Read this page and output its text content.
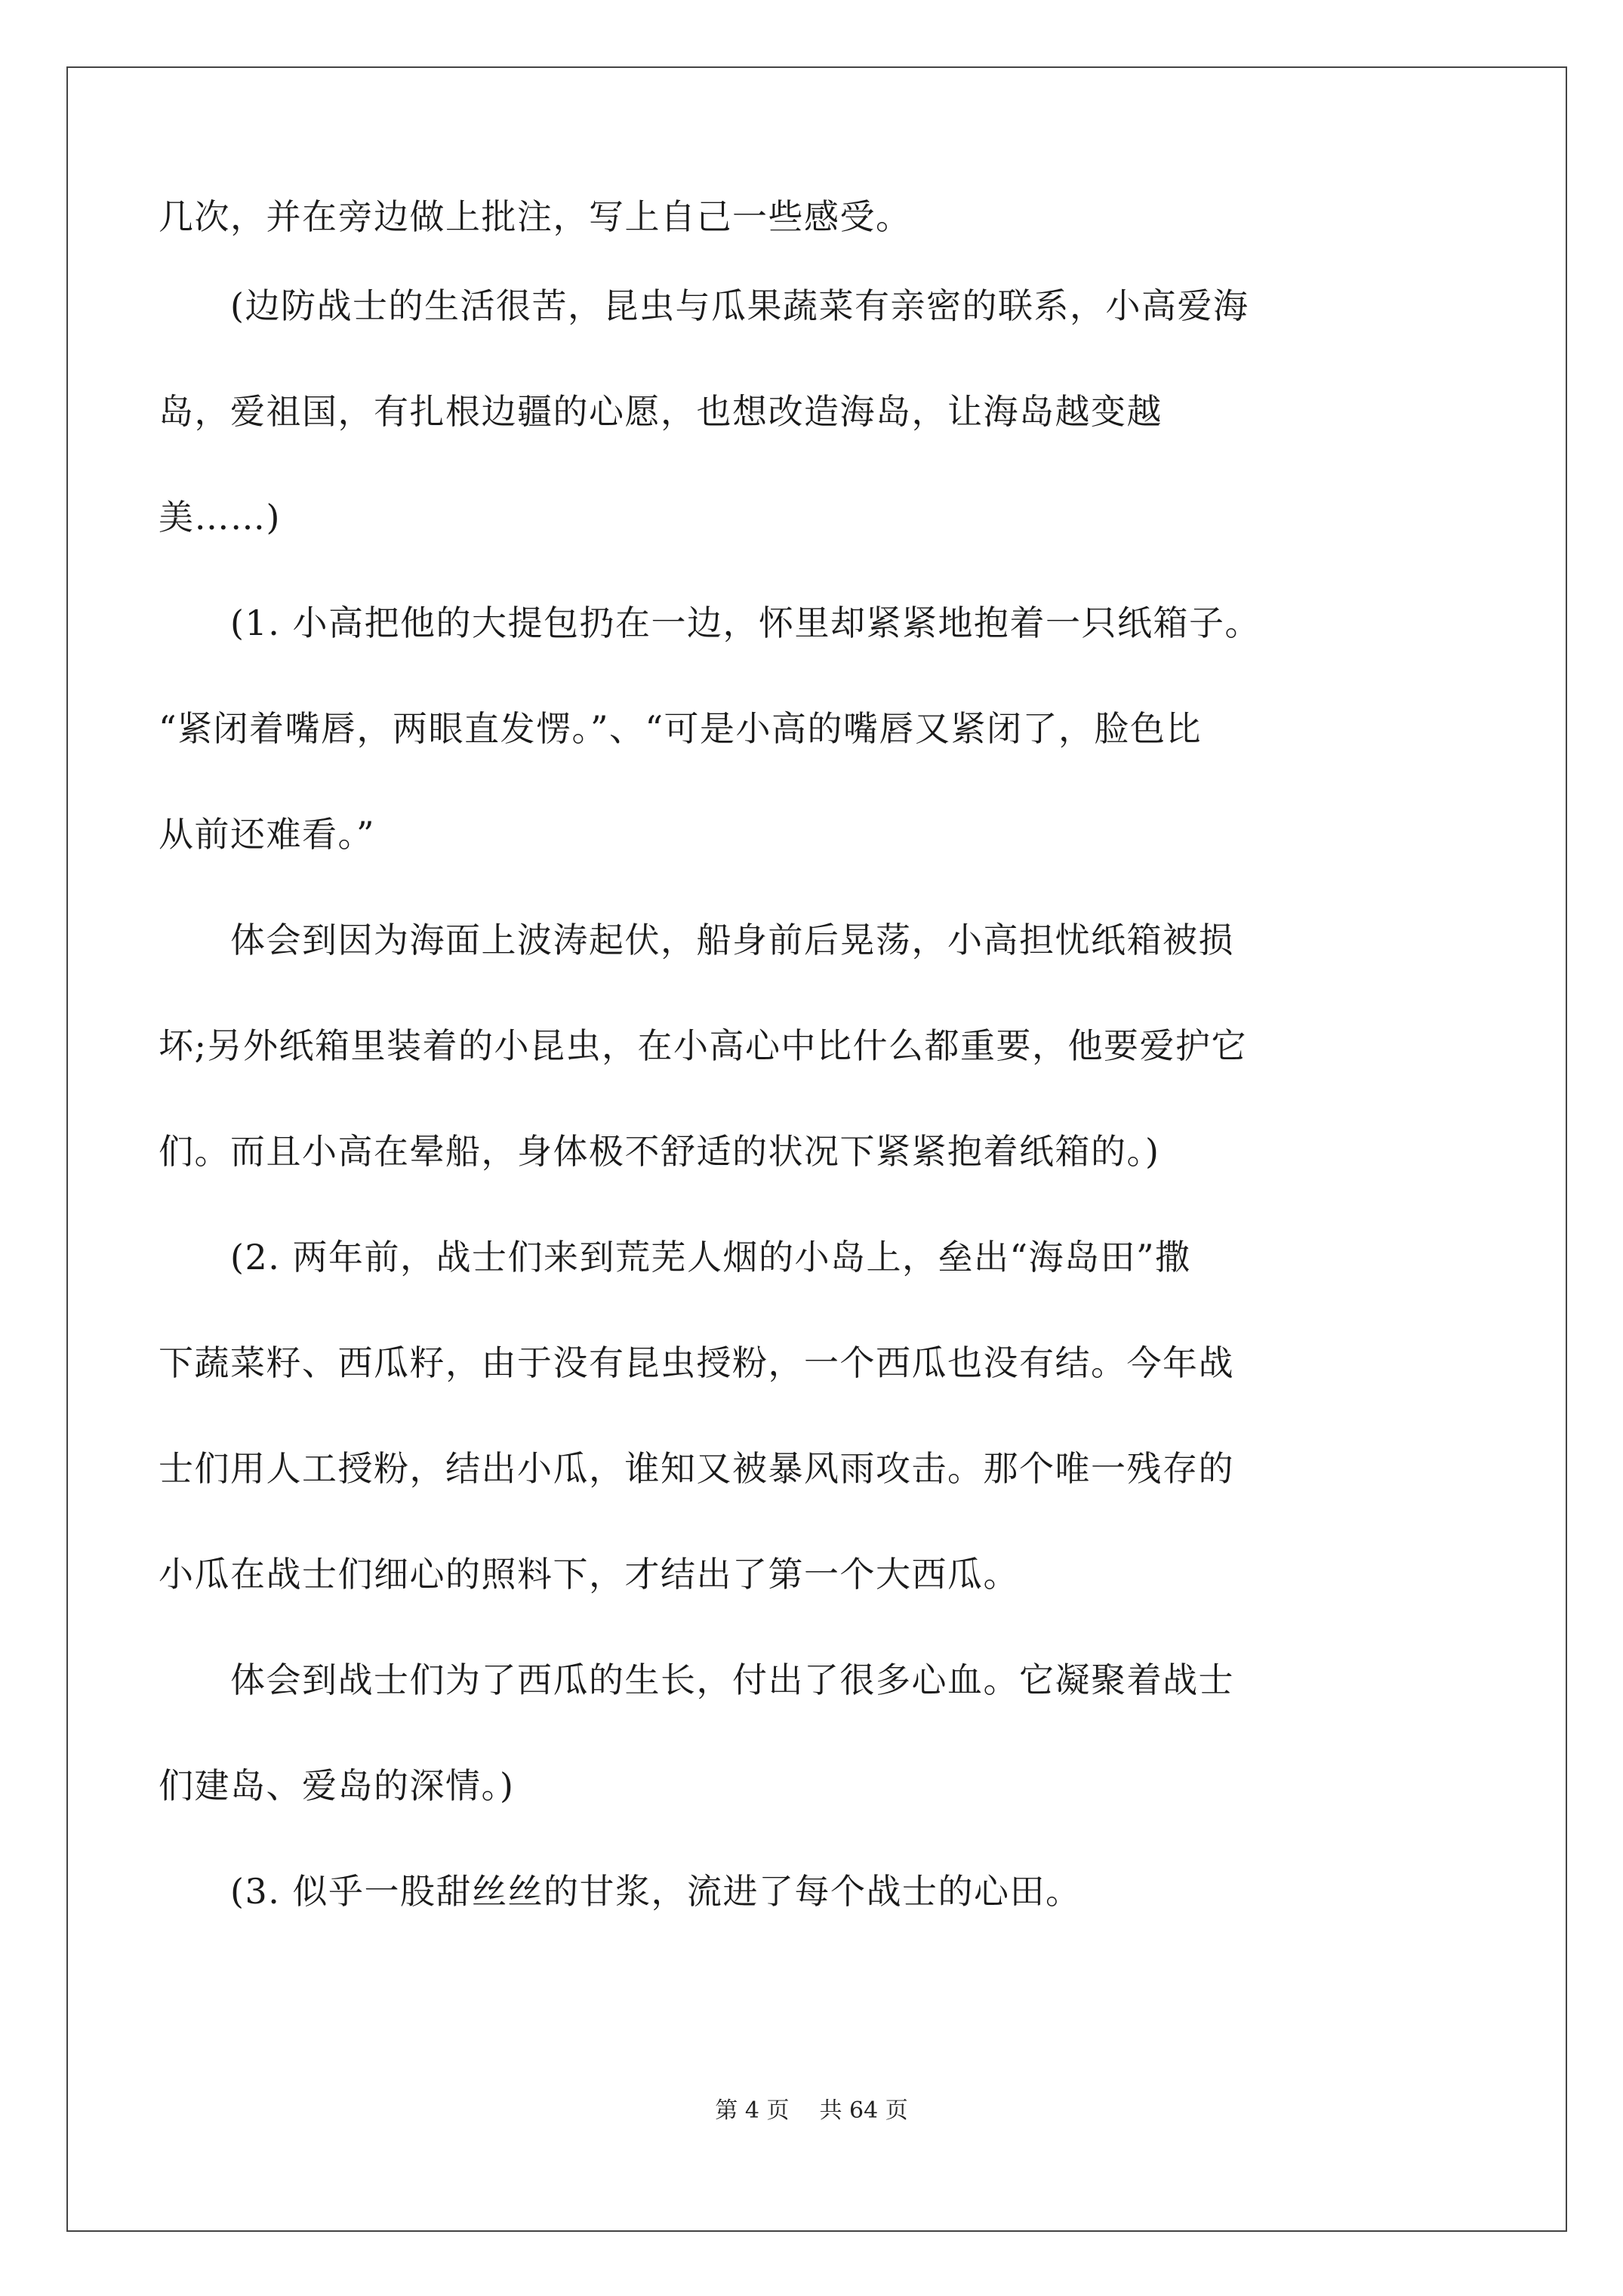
几次，并在旁边做上批注，写上自己一些感受。
　　(边防战士的生活很苦，昆虫与瓜果蔬菜有亲密的联系，小高爱海
岛，爱祖国，有扎根边疆的心愿，也想改造海岛，让海岛越变越
美……)
　　(1. 小高把他的大提包扔在一边，怀里却紧紧地抱着一只纸箱子。
“紧闭着嘴唇，两眼直发愣。”、“可是小高的嘴唇又紧闭了，脸色比
从前还难看。”
　　体会到因为海面上波涛起伏，船身前后晃荡，小高担忧纸箱被损
坏;另外纸箱里装着的小昆虫，在小高心中比什么都重要，他要爱护它
们。而且小高在晕船，身体极不舒适的状况下紧紧抱着纸箱的。)
　　(2. 两年前，战士们来到荒芜人烟的小岛上，垒出“海岛田”撒
下蔬菜籽、西瓜籽，由于没有昆虫授粉，一个西瓜也没有结。今年战
士们用人工授粉，结出小瓜，谁知又被暴风雨攻击。那个唯一残存的
小瓜在战士们细心的照料下，才结出了第一个大西瓜。
　　体会到战士们为了西瓜的生长，付出了很多心血。它凝聚着战士
们建岛、爱岛的深情。)
　　(3. 似乎一股甜丝丝的甘浆，流进了每个战士的心田。
第 4 页 共 64 页
